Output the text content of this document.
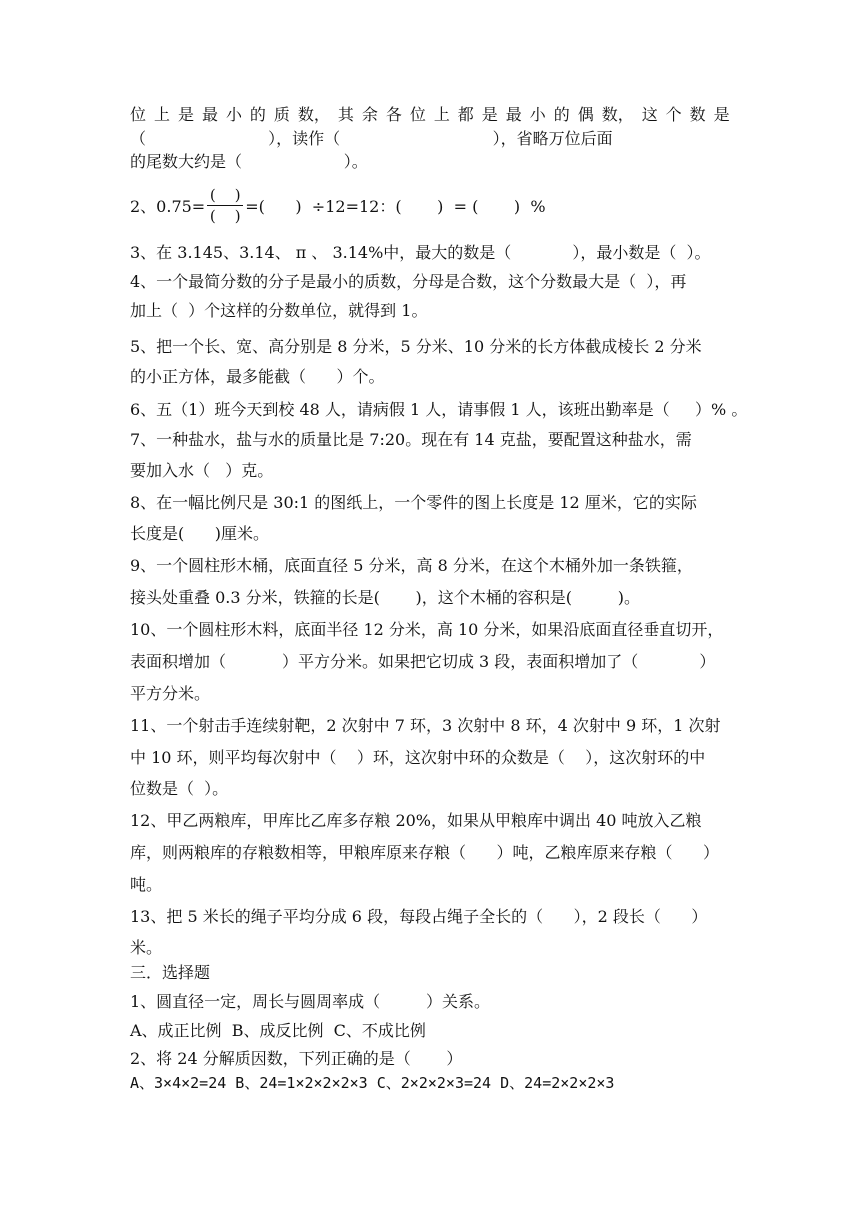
位 上 是 最 小 的 质 数， 其 余 各 位 上 都 是 最 小 的 偶 数， 这 个 数 是
（                        ），读作（                              ），省略万位后面
的尾数大约是（                    ）。
2、$0.75= \frac{( )}{( )}$ =(      )  ÷12=12：(       )  = (       )  %
3、在 3.145、3.14、 π 、 3.14%中，最大的数是（            ），最小数是（  ）。
4、一个最简分数的分子是最小的质数，分母是合数，这个分数最大是（  ），再
加上（  ）个这样的分数单位，就得到 1。
5、把一个长、宽、高分别是 8 分米，5 分米、10 分米的长方体截成棱长 2 分米
的小正方体，最多能截（      ）个。
6、五（1）班今天到校 48 人，请病假 1 人，请事假 1 人，该班出勤率是（     ）% 。
7、一种盐水，盐与水的质量比是 7:20。现在有 14 克盐，要配置这种盐水，需
要加入水（   ）克。
8、在一幅比例尺是 30:1 的图纸上，一个零件的图上长度是 12 厘米，它的实际
长度是(      )厘米。
9、一个圆柱形木桶，底面直径 5 分米，高 8 分米，在这个木桶外加一条铁箍，
接头处重叠 0.3 分米，铁箍的长是(       )，这个木桶的容积是(         )。
10、一个圆柱形木料，底面半径 12 分米，高 10 分米，如果沿底面直径垂直切开，
表面积增加（           ）平方分米。如果把它切成 3 段，表面积增加了（            ）
平方分米。
11、一个射击手连续射靶，2 次射中 7 环，3 次射中 8 环，4 次射中 9 环，1 次射
中 10 环，则平均每次射中（    ）环，这次射中环的众数是（    ），这次射环的中
位数是（  ）。
12、甲乙两粮库，甲库比乙库多存粮 20%，如果从甲粮库中调出 40 吨放入乙粮
库，则两粮库的存粮数相等，甲粮库原来存粮（      ）吨，乙粮库原来存粮（      ）
吨。
13、把 5 米长的绳子平均分成 6 段，每段占绳子全长的（      ），2 段长（      ）
米。
三．选择题
1、圆直径一定，周长与圆周率成（         ）关系。
A、成正比例  B、成反比例  C、不成比例
2、将 24 分解质因数，下列正确的是（       ）
A、3×4×2=24 B、24=1×2×2×2×3 C、2×2×2×3=24 D、24=2×2×2×3
